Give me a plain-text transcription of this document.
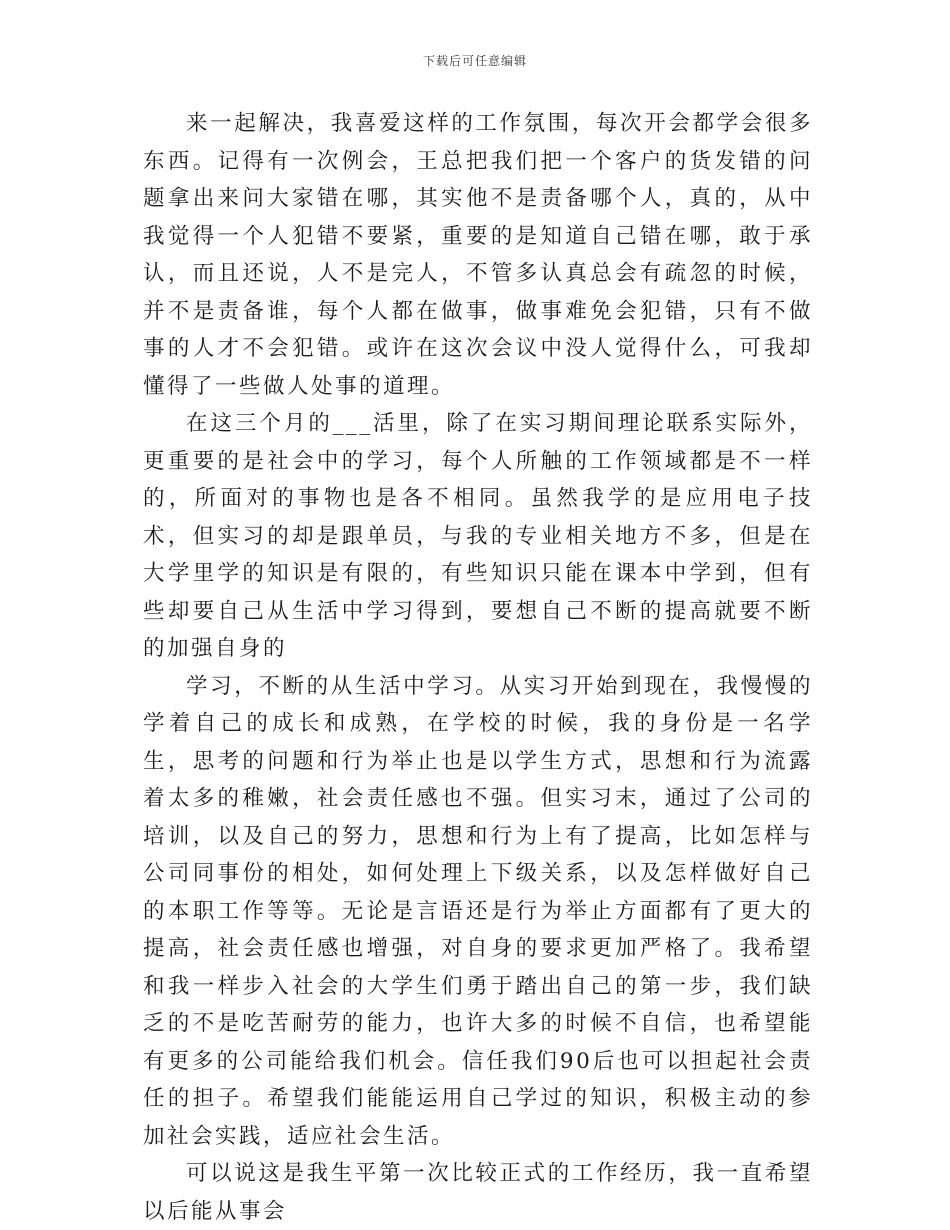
下载后可任意编辑

来一起解决，我喜爱这样的工作氛围，每次开会都学会很多东西。记得有一次例会，王总把我们把一个客户的货发错的问题拿出来问大家错在哪，其实他不是责备哪个人，真的，从中我觉得一个人犯错不要紧，重要的是知道自己错在哪，敢于承认，而且还说，人不是完人，不管多认真总会有疏忽的时候，并不是责备谁，每个人都在做事，做事难免会犯错，只有不做事的人才不会犯错。或许在这次会议中没人觉得什么，可我却懂得了一些做人处事的道理。

在这三个月的___活里，除了在实习期间理论联系实际外，更重要的是社会中的学习，每个人所触的工作领域都是不一样的，所面对的事物也是各不相同。虽然我学的是应用电子技术，但实习的却是跟单员，与我的专业相关地方不多，但是在大学里学的知识是有限的，有些知识只能在课本中学到，但有些却要自己从生活中学习得到，要想自己不断的提高就要不断的加强自身的

学习，不断的从生活中学习。从实习开始到现在，我慢慢的学着自己的成长和成熟，在学校的时候，我的身份是一名学生，思考的问题和行为举止也是以学生方式，思想和行为流露着太多的稚嫩，社会责任感也不强。但实习末，通过了公司的培训，以及自己的努力，思想和行为上有了提高，比如怎样与公司同事份的相处，如何处理上下级关系，以及怎样做好自己的本职工作等等。无论是言语还是行为举止方面都有了更大的提高，社会责任感也增强，对自身的要求更加严格了。我希望和我一样步入社会的大学生们勇于踏出自己的第一步，我们缺乏的不是吃苦耐劳的能力，也许大多的时候不自信，也希望能有更多的公司能给我们机会。信任我们90后也可以担起社会责任的担子。希望我们能能运用自己学过的知识，积极主动的参加社会实践，适应社会生活。

可以说这是我生平第一次比较正式的工作经历，我一直希望以后能从事会
